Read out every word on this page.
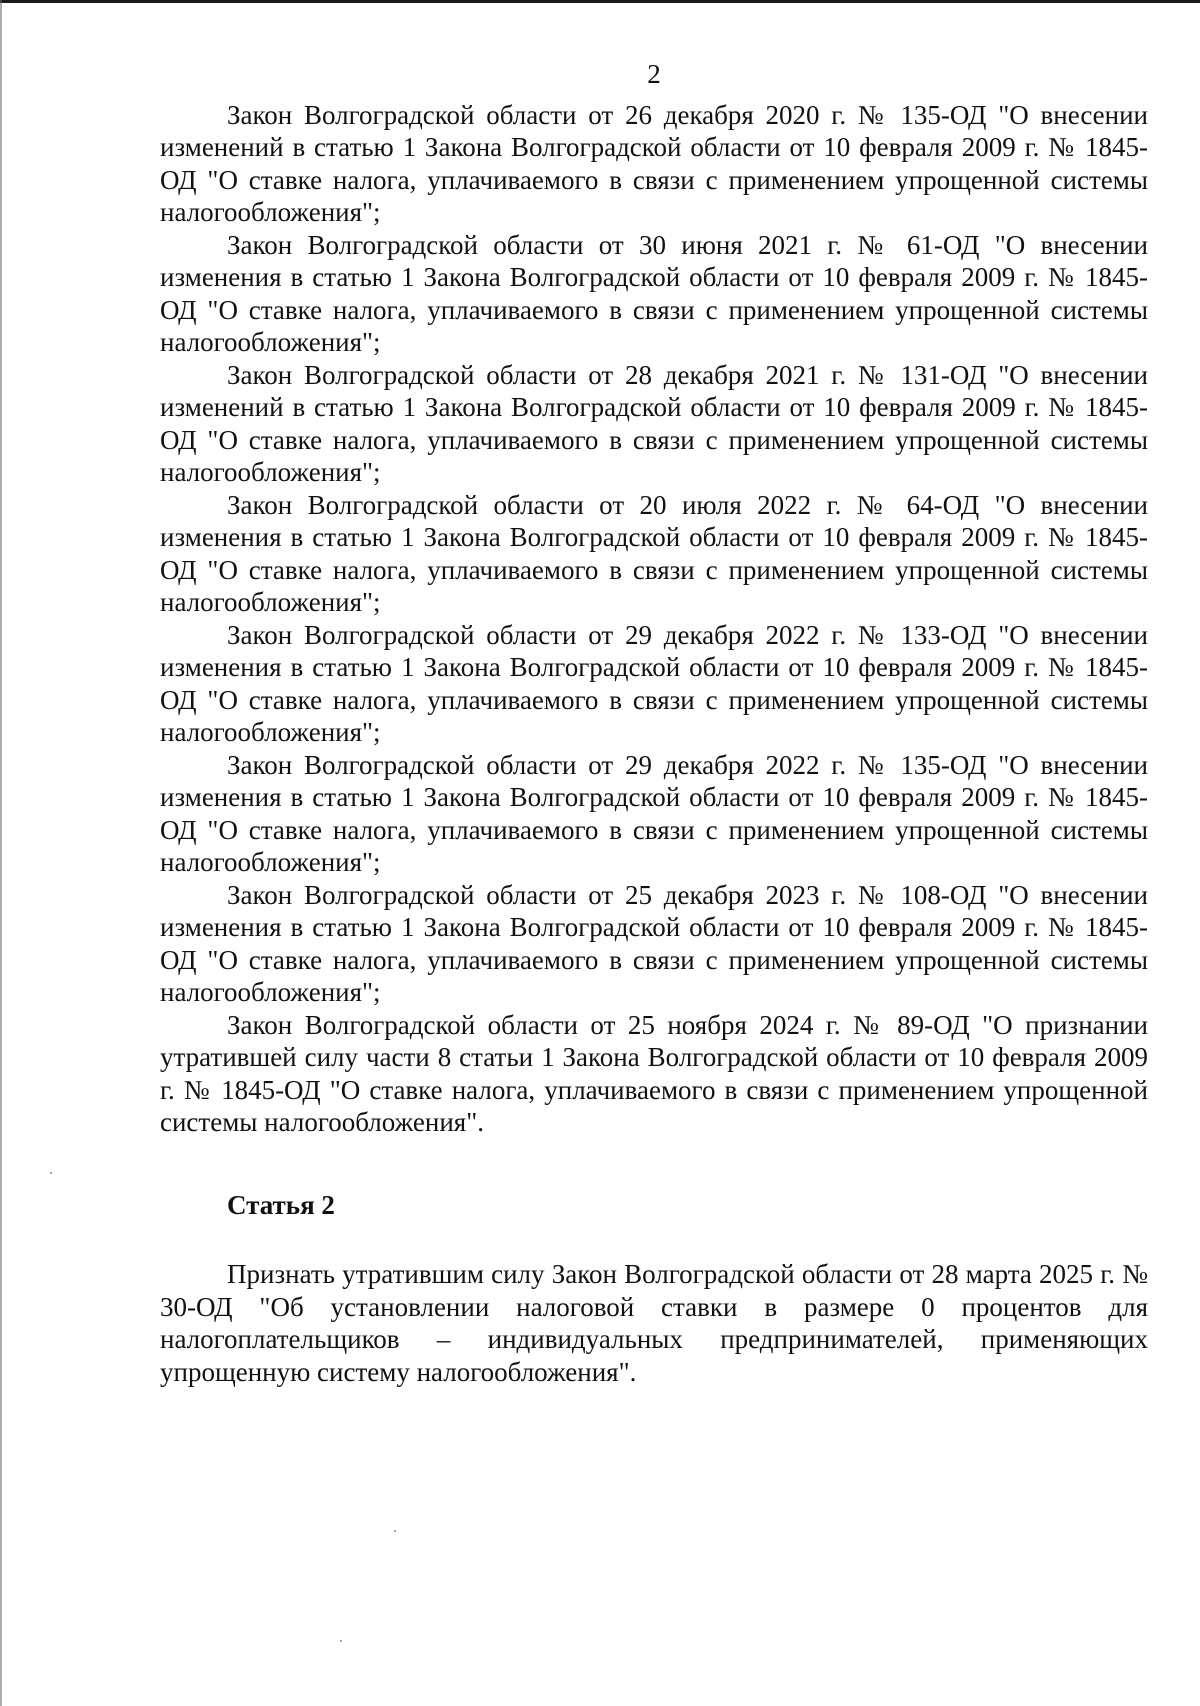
2

Закон Волгоградской области от 26 декабря 2020 г. № 135-ОД "О внесении изменений в статью 1 Закона Волгоградской области от 10 февраля 2009 г. № 1845-ОД "О ставке налога, уплачиваемого в связи с применением упрощенной системы налогообложения";

Закон Волгоградской области от 30 июня 2021 г. № 61-ОД "О внесении изменения в статью 1 Закона Волгоградской области от 10 февраля 2009 г. № 1845-ОД "О ставке налога, уплачиваемого в связи с применением упрощенной системы налогообложения";

Закон Волгоградской области от 28 декабря 2021 г. № 131-ОД "О внесении изменений в статью 1 Закона Волгоградской области от 10 февраля 2009 г. № 1845-ОД "О ставке налога, уплачиваемого в связи с применением упрощенной системы налогообложения";

Закон Волгоградской области от 20 июля 2022 г. № 64-ОД "О внесении изменения в статью 1 Закона Волгоградской области от 10 февраля 2009 г. № 1845-ОД "О ставке налога, уплачиваемого в связи с применением упрощенной системы налогообложения";

Закон Волгоградской области от 29 декабря 2022 г. № 133-ОД "О внесении изменения в статью 1 Закона Волгоградской области от 10 февраля 2009 г. № 1845-ОД "О ставке налога, уплачиваемого в связи с применением упрощенной системы налогообложения";

Закон Волгоградской области от 29 декабря 2022 г. № 135-ОД "О внесении изменения в статью 1 Закона Волгоградской области от 10 февраля 2009 г. № 1845-ОД "О ставке налога, уплачиваемого в связи с применением упрощенной системы налогообложения";

Закон Волгоградской области от 25 декабря 2023 г. № 108-ОД "О внесении изменения в статью 1 Закона Волгоградской области от 10 февраля 2009 г. № 1845-ОД "О ставке налога, уплачиваемого в связи с применением упрощенной системы налогообложения";

Закон Волгоградской области от 25 ноября 2024 г. № 89-ОД "О признании утратившей силу части 8 статьи 1 Закона Волгоградской области от 10 февраля 2009 г. № 1845-ОД "О ставке налога, уплачиваемого в связи с применением упрощенной системы налогообложения".

Статья 2

Признать утратившим силу Закон Волгоградской области от 28 марта 2025 г. № 30-ОД "Об установлении налоговой ставки в размере 0 процентов для налогоплательщиков – индивидуальных предпринимателей, применяющих упрощенную систему налогообложения".
